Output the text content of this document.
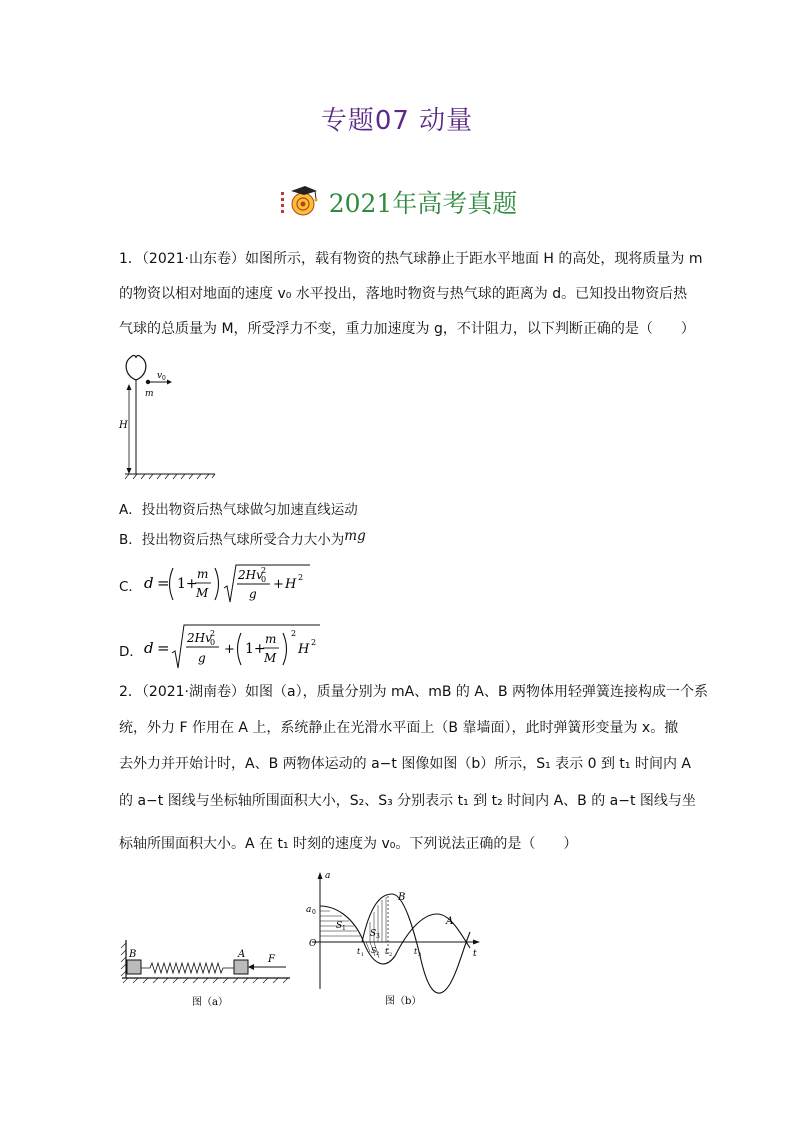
专题07 动量
2021年高考真题
1．（2021·山东卷）如图所示，载有物资的热气球静止于距水平地面 H 的高处，现将质量为 m
的物资以相对地面的速度 v₀ 水平投出，落地时物资与热气球的距离为 d。已知投出物资后热
气球的总质量为 M，所受浮力不变，重力加速度为 g，不计阻力，以下判断正确的是（　　）
v 0
m
H
A．投出物资后热气球做匀加速直线运动
B．投出物资后热气球所受合力大小为mg
C． d = 1+
m
M
2Hv
2
0
g
+ H 2
D． d =
2Hv
2
0
g
+ 1+
m
M
2
H 2
2．（2021·湖南卷）如图（a），质量分别为 mA、mB 的 A、B 两物体用轻弹簧连接构成一个系
统，外力 F 作用在 A 上，系统静止在光滑水平面上（B 靠墙面），此时弹簧形变量为 x。撤
去外力并开始计时，A、B 两物体运动的 a−t 图像如图（b）所示，S₁ 表示 0 到 t₁ 时间内 A
的 a−t 图线与坐标轴所围面积大小，S₂、S₃ 分别表示 t₁ 到 t₂ 时间内 A、B 的 a−t 图线与坐
标轴所围面积大小。A 在 t₁ 时刻的速度为 v₀。下列说法正确的是（　　）
B	A F
图（a）
a
t
O
a 0
S 1
S 3
S 2
t 1	t 2	t 3
B
A
图（b）
